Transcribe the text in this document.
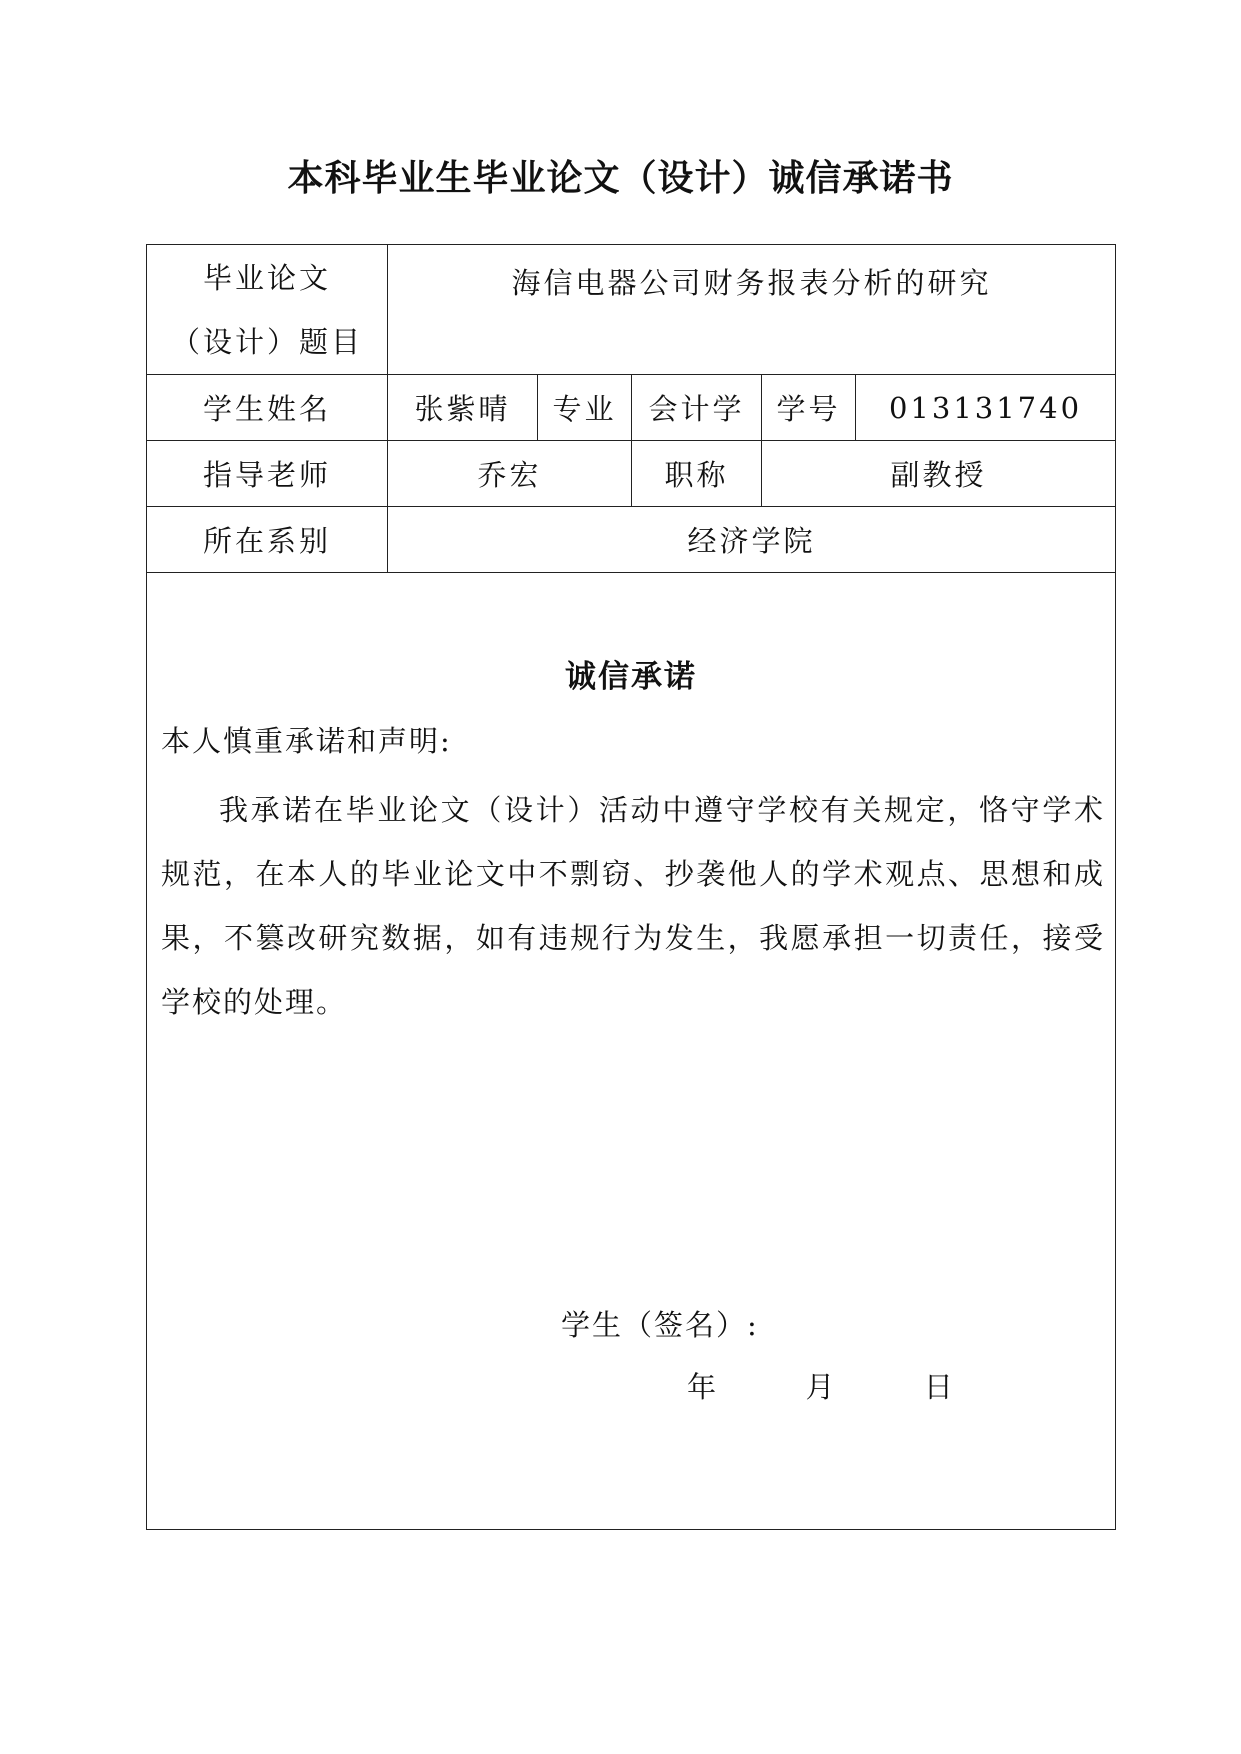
本科毕业生毕业论文（设计）诚信承诺书
毕业论文
（设计）题目	海信电器公司财务报表分析的研究				
学生姓名	张紫晴	专业	会计学	学号	013131740
指导老师	乔宏		职称	副教授	
所在系别	经济学院				

诚信承诺
本人慎重承诺和声明:
我承诺在毕业论文（设计）活动中遵守学校有关规定，恪守学术规范，在本人的毕业论文中不剽窃、抄袭他人的学术观点、思想和成果，不篡改研究数据，如有违规行为发生，我愿承担一切责任，接受学校的处理。
学生（签名）:
年 月 日					
